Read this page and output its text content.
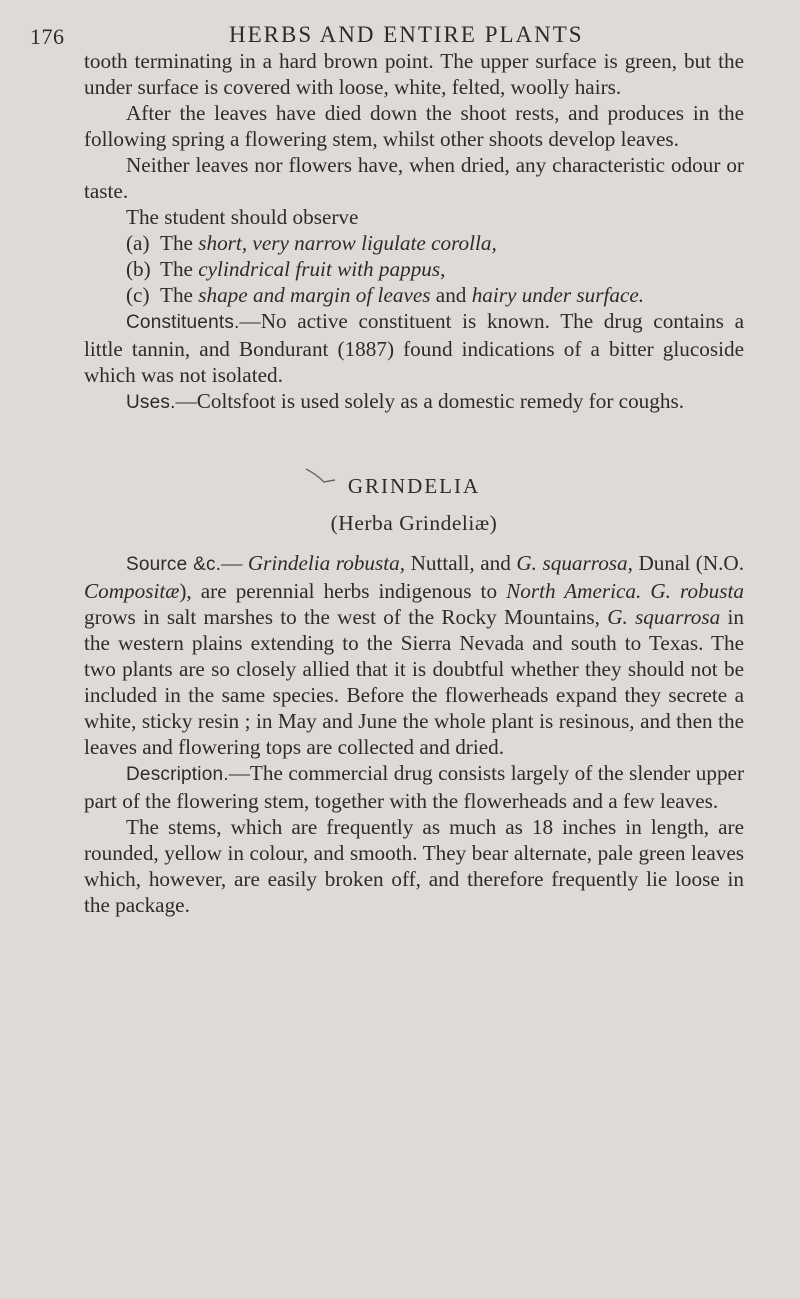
176	HERBS AND ENTIRE PLANTS

tooth terminating in a hard brown point. The upper surface is green, but the under surface is covered with loose, white, felted, woolly hairs.

After the leaves have died down the shoot rests, and produces in the following spring a flowering stem, whilst other shoots develop leaves.

Neither leaves nor flowers have, when dried, any characteristic odour or taste.

The student should observe

(a) The short, very narrow ligulate corolla,
(b) The cylindrical fruit with pappus,
(c) The shape and margin of leaves and hairy under surface.

Constituents.—No active constituent is known. The drug contains a little tannin, and Bondurant (1887) found indications of a bitter glucoside which was not isolated.

Uses.—Coltsfoot is used solely as a domestic remedy for coughs.

GRINDELIA
(Herba Grindeliæ)

Source &c.— Grindelia robusta, Nuttall, and G. squarrosa, Dunal (N.O. Compositæ), are perennial herbs indigenous to North America. G. robusta grows in salt marshes to the west of the Rocky Mountains, G. squarrosa in the western plains extending to the Sierra Nevada and south to Texas. The two plants are so closely allied that it is doubtful whether they should not be included in the same species. Before the flowerheads expand they secrete a white, sticky resin ; in May and June the whole plant is resinous, and then the leaves and flowering tops are collected and dried.

Description.—The commercial drug consists largely of the slender upper part of the flowering stem, together with the flowerheads and a few leaves.

The stems, which are frequently as much as 18 inches in length, are rounded, yellow in colour, and smooth. They bear alternate, pale green leaves which, however, are easily broken off, and therefore frequently lie loose in the package.
